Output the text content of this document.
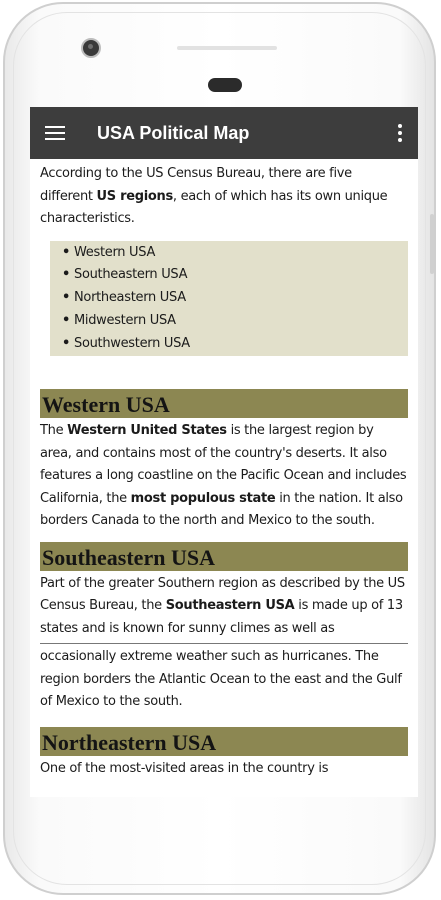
USA Political Map

According to the US Census Bureau, there are five different US regions, each of which has its own unique characteristics.

• Western USA
• Southeastern USA
• Northeastern USA
• Midwestern USA
• Southwestern USA
Western USA

The Western United States is the largest region by area, and contains most of the country's deserts. It also features a long coastline on the Pacific Ocean and includes California, the most populous state in the nation. It also borders Canada to the north and Mexico to the south.

Southeastern USA

Part of the greater Southern region as described by the US Census Bureau, the Southeastern USA is made up of 13 states and is known for sunny climes as well as

occasionally extreme weather such as hurricanes. The region borders the Atlantic Ocean to the east and the Gulf of Mexico to the south.

Northeastern USA

One of the most-visited areas in the country is
